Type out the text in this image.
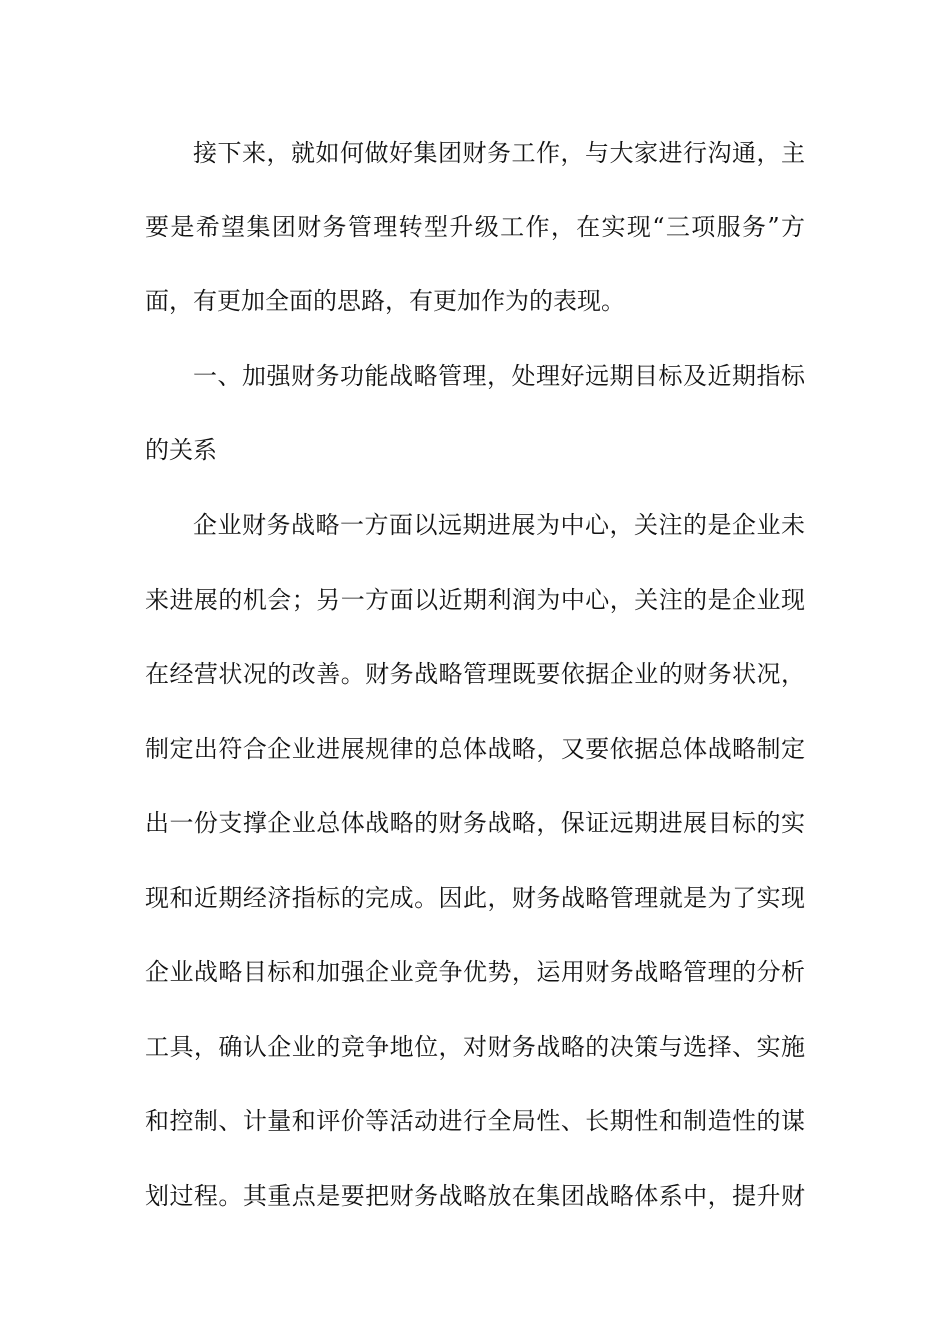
接下来，就如何做好集团财务工作，与大家进行沟通，主
要是希望集团财务管理转型升级工作，在实现“三项服务”方
面，有更加全面的思路，有更加作为的表现。
一、加强财务功能战略管理，处理好远期目标及近期指标
的关系
企业财务战略一方面以远期进展为中心，关注的是企业未
来进展的机会；另一方面以近期利润为中心，关注的是企业现
在经营状况的改善。财务战略管理既要依据企业的财务状况，
制定出符合企业进展规律的总体战略，又要依据总体战略制定
出一份支撑企业总体战略的财务战略，保证远期进展目标的实
现和近期经济指标的完成。因此，财务战略管理就是为了实现
企业战略目标和加强企业竞争优势，运用财务战略管理的分析
工具，确认企业的竞争地位，对财务战略的决策与选择、实施
和控制、计量和评价等活动进行全局性、长期性和制造性的谋
划过程。其重点是要把财务战略放在集团战略体系中，提升财
